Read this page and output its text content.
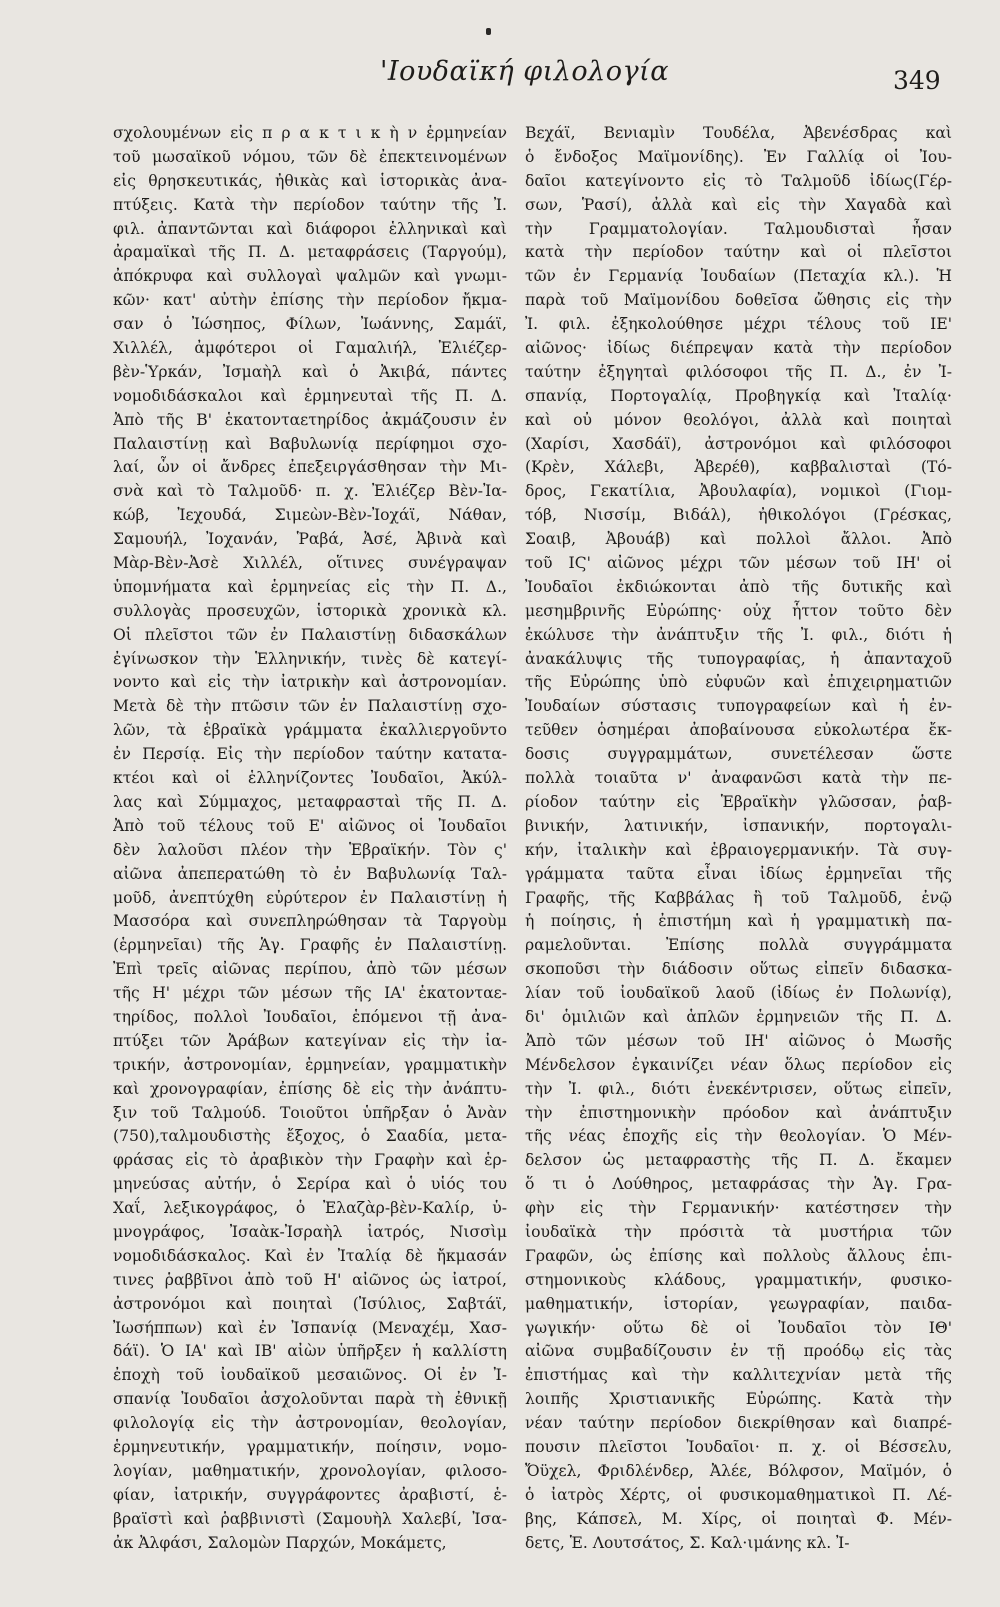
'Ιουδαϊκή φιλολογία	349
σχολουμένων εἰς π ρ α κ τ ι κ ὴ ν ἑρμηνείαν
τοῦ μωσαϊκοῦ νόμου, τῶν δὲ ἐπεκτεινομένων
εἰς θρησκευτικάς, ἠθικὰς καὶ ἱστορικὰς ἀνα-
πτύξεις. Κατὰ τὴν περίοδον ταύτην τῆς Ἰ.
φιλ. ἀπαντῶνται καὶ διάφοροι ἑλληνικαὶ καὶ
ἀραμαϊκαὶ τῆς Π. Δ. μεταφράσεις (Ταργούμ),
ἀπόκρυφα καὶ συλλογαὶ ψαλμῶν καὶ γνωμι-
κῶν· κατ' αὐτὴν ἐπίσης τὴν περίοδον ἤκμα-
σαν ὁ Ἰώσηπος, Φίλων, Ἰωάννης, Σαμάϊ,
Χιλλέλ, ἀμφότεροι οἱ Γαμαλιήλ, Ἐλιέζερ-
βὲν-Ὑρκάν, Ἰσμαὴλ καὶ ὁ Ἀκιβά, πάντες
νομοδιδάσκαλοι καὶ ἑρμηνευταὶ τῆς Π. Δ.
Ἀπὸ τῆς Β' ἑκατονταετηρίδος ἀκμάζουσιν ἐν
Παλαιστίνῃ καὶ Βαβυλωνίᾳ περίφημοι σχο-
λαί, ὧν οἱ ἄνδρες ἐπεξειργάσθησαν τὴν Μι-
σνὰ καὶ τὸ Ταλμοῦδ· π. χ. Ἐλιέζερ Βὲν-Ἰα-
κώβ, Ἰεχουδά, Σιμεὼν-Βὲν-Ἰοχάϊ, Νάθαν,
Σαμουήλ, Ἰοχανάν, Ῥαβά, Ἀσέ, Ἀβινὰ καὶ
Μὰρ-Βὲν-Ἀσὲ Χιλλέλ, οἵτινες συνέγραψαν
ὑπομνήματα καὶ ἑρμηνείας εἰς τὴν Π. Δ.,
συλλογὰς προσευχῶν, ἱστορικὰ χρονικὰ κλ.
Οἱ πλεῖστοι τῶν ἐν Παλαιστίνῃ διδασκάλων
ἐγίνωσκον τὴν Ἑλληνικήν, τινὲς δὲ κατεγί-
νοντο καὶ εἰς τὴν ἰατρικὴν καὶ ἀστρονομίαν.
Μετὰ δὲ τὴν πτῶσιν τῶν ἐν Παλαιστίνῃ σχο-
λῶν, τὰ ἑβραϊκὰ γράμματα ἐκαλλιεργοῦντο
ἐν Περσίᾳ. Εἰς τὴν περίοδον ταύτην κατατα-
κτέοι καὶ οἱ ἑλληνίζοντες Ἰουδαῖοι, Ἀκύλ-
λας καὶ Σύμμαχος, μεταφρασταὶ τῆς Π. Δ.
Ἀπὸ τοῦ τέλους τοῦ Ε' αἰῶνος οἱ Ἰουδαῖοι
δὲν λαλοῦσι πλέον τὴν Ἑβραϊκήν. Τὸν ς'
αἰῶνα ἀπεπερατώθη τὸ ἐν Βαβυλωνίᾳ Ταλ-
μοῦδ, ἀνεπτύχθη εὐρύτερον ἐν Παλαιστίνῃ ἡ
Μασσόρα καὶ συνεπληρώθησαν τὰ Ταργοὺμ
(ἑρμηνεῖαι) τῆς Ἁγ. Γραφῆς ἐν Παλαιστίνῃ.
Ἐπὶ τρεῖς αἰῶνας περίπου, ἀπὸ τῶν μέσων
τῆς Η' μέχρι τῶν μέσων τῆς ΙΑ' ἑκατονταε-
τηρίδος, πολλοὶ Ἰουδαῖοι, ἑπόμενοι τῇ ἀνα-
πτύξει τῶν Ἀράβων κατεγίναν εἰς τὴν ἰα-
τρικήν, ἀστρονομίαν, ἑρμηνείαν, γραμματικὴν
καὶ χρονογραφίαν, ἐπίσης δὲ εἰς τὴν ἀνάπτυ-
ξιν τοῦ Ταλμούδ. Τοιοῦτοι ὑπῆρξαν ὁ Ἀνὰν
(750),ταλμουδιστὴς ἔξοχος, ὁ Σααδία, μετα-
φράσας εἰς τὸ ἀραβικὸν τὴν Γραφὴν καὶ ἑρ-
μηνεύσας αὐτήν, ὁ Σερίρα καὶ ὁ υἱός του
Χαΐ, λεξικογράφος, ὁ Ἐλαζὰρ-βὲν-Καλίρ, ὑ-
μνογράφος, Ἰσαὰκ-Ἰσραὴλ ἰατρός, Νισσὶμ
νομοδιδάσκαλος. Καὶ ἐν Ἰταλίᾳ δὲ ἤκμασάν
τινες ῥαββῖνοι ἀπὸ τοῦ Η' αἰῶνος ὡς ἰατροί,
ἀστρονόμοι καὶ ποιηταὶ (Ἰσύλιος, Σαβτάϊ,
Ἰωσήππων) καὶ ἐν Ἰσπανίᾳ (Μεναχέμ, Χασ-
δάϊ). Ὁ ΙΑ' καὶ ΙΒ' αἰὼν ὑπῆρξεν ἡ καλλίστη
ἐποχὴ τοῦ ἰουδαϊκοῦ μεσαιῶνος. Οἱ ἐν Ἰ-
σπανίᾳ Ἰουδαῖοι ἀσχολοῦνται παρὰ τὴ ἐθνικῇ
φιλολογίᾳ εἰς τὴν ἀστρονομίαν, θεολογίαν,
ἑρμηνευτικήν, γραμματικήν, ποίησιν, νομο-
λογίαν, μαθηματικήν, χρονολογίαν, φιλοσο-
φίαν, ἰατρικήν, συγγράφοντες ἀραβιστί, ἑ-
βραϊστὶ καὶ ῥαββινιστὶ (Σαμουὴλ Χαλεβί, Ἰσα-
ἀκ Ἀλφάσι, Σαλομὼν Παρχών, Μοκάμετς,
Βεχάϊ, Βενιαμὶν Τουδέλα, Ἀβενέσδρας καὶ
ὁ ἔνδοξος Μαϊμονίδης). Ἐν Γαλλίᾳ οἱ Ἰου-
δαῖοι κατεγίνοντο εἰς τὸ Ταλμοῦδ ἰδίως(Γέρ-
σων, Ῥασί), ἀλλὰ καὶ εἰς τὴν Χαγαδὰ καὶ
τὴν Γραμματολογίαν. Ταλμουδισταὶ ἦσαν
κατὰ τὴν περίοδον ταύτην καὶ οἱ πλεῖστοι
τῶν ἐν Γερμανίᾳ Ἰουδαίων (Πεταχία κλ.). Ἡ
παρὰ τοῦ Μαϊμονίδου δοθεῖσα ὤθησις εἰς τὴν
Ἰ. φιλ. ἐξηκολούθησε μέχρι τέλους τοῦ ΙΕ'
αἰῶνος· ἰδίως διέπρεψαν κατὰ τὴν περίοδον
ταύτην ἐξηγηταὶ φιλόσοφοι τῆς Π. Δ., ἐν Ἰ-
σπανίᾳ, Πορτογαλίᾳ, Προβηγκίᾳ καὶ Ἰταλίᾳ·
καὶ οὐ μόνον θεολόγοι, ἀλλὰ καὶ ποιηταὶ
(Χαρίσι, Χασδάϊ), ἀστρονόμοι καὶ φιλόσοφοι
(Κρὲν, Χάλεβι, Ἀβερέθ), καββαλισταὶ (Τό-
δρος, Γεκατίλια, Ἀβουλαφία), νομικοὶ (Γιομ-
τόβ, Νισσίμ, Βιδάλ), ἠθικολόγοι (Γρέσκας,
Σοαιβ, Ἀβουάβ) καὶ πολλοὶ ἄλλοι. Ἀπὸ
τοῦ ΙϚ' αἰῶνος μέχρι τῶν μέσων τοῦ ΙΗ' οἱ
Ἰουδαῖοι ἐκδιώκονται ἀπὸ τῆς δυτικῆς καὶ
μεσημβρινῆς Εὐρώπης· οὐχ ἧττον τοῦτο δὲν
ἐκώλυσε τὴν ἀνάπτυξιν τῆς Ἰ. φιλ., διότι ἡ
ἀνακάλυψις τῆς τυπογραφίας, ἡ ἀπανταχοῦ
τῆς Εὐρώπης ὑπὸ εὐφυῶν καὶ ἐπιχειρηματιῶν
Ἰουδαίων σύστασις τυπογραφείων καὶ ἡ ἐν-
τεῦθεν ὁσημέραι ἀποβαίνουσα εὐκολωτέρα ἔκ-
δοσις συγγραμμάτων, συνετέλεσαν ὥστε
πολλὰ τοιαῦτα ν' ἀναφανῶσι κατὰ τὴν πε-
ρίοδον ταύτην εἰς Ἑβραϊκὴν γλῶσσαν, ῥαβ-
βινικήν, λατινικήν, ἰσπανικήν, πορτογαλι-
κήν, ἰταλικὴν καὶ ἑβραιογερμανικήν. Τὰ συγ-
γράμματα ταῦτα εἶναι ἰδίως ἑρμηνεῖαι τῆς
Γραφῆς, τῆς Καββάλας ἢ τοῦ Ταλμοῦδ, ἐνῷ
ἡ ποίησις, ἡ ἐπιστήμη καὶ ἡ γραμματικὴ πα-
ραμελοῦνται. Ἐπίσης πολλὰ συγγράμματα
σκοποῦσι τὴν διάδοσιν οὕτως εἰπεῖν διδασκα-
λίαν τοῦ ἰουδαϊκοῦ λαοῦ (ἰδίως ἐν Πολωνίᾳ),
δι' ὁμιλιῶν καὶ ἁπλῶν ἑρμηνειῶν τῆς Π. Δ.
Ἀπὸ τῶν μέσων τοῦ ΙΗ' αἰῶνος ὁ Μωσῆς
Μένδελσον ἐγκαινίζει νέαν ὅλως περίοδον εἰς
τὴν Ἰ. φιλ., διότι ἐνεκέντρισεν, οὕτως εἰπεῖν,
τὴν ἐπιστημονικὴν πρόοδον καὶ ἀνάπτυξιν
τῆς νέας ἐποχῆς εἰς τὴν θεολογίαν. Ὁ Μέν-
δελσον ὡς μεταφραστὴς τῆς Π. Δ. ἔκαμεν
ὅ τι ὁ Λούθηρος, μεταφράσας τὴν Ἁγ. Γρα-
φὴν εἰς τὴν Γερμανικήν· κατέστησεν τὴν
ἰουδαϊκὰ τὴν πρόσιτὰ τὰ μυστήρια τῶν
Γραφῶν, ὡς ἐπίσης καὶ πολλοὺς ἄλλους ἐπι-
στημονικοὺς κλάδους, γραμματικήν, φυσικο-
μαθηματικήν, ἱστορίαν, γεωγραφίαν, παιδα-
γωγικήν· οὕτω δὲ οἱ Ἰουδαῖοι τὸν ΙΘ'
αἰῶνα συμβαδίζουσιν ἐν τῇ προόδῳ εἰς τὰς
ἐπιστήμας καὶ τὴν καλλιτεχνίαν μετὰ τῆς
λοιπῆς Χριστιανικῆς Εὐρώπης. Κατὰ τὴν
νέαν ταύτην περίοδον διεκρίθησαν καὶ διαπρέ-
πουσιν πλεῖστοι Ἰουδαῖοι· π. χ. οἱ Βέσσελυ,
Ὄϋχελ, Φριδλένδερ, Ἀλέε, Βόλφσον, Μαϊμόν, ὁ
ὁ ἰατρὸς Χέρτς, οἱ φυσικομαθηματικοὶ Π. Λέ-
βης, Κάπσελ, Μ. Χίρς, οἱ ποιηταὶ Φ. Μέν-
δετς, Ἑ. Λουτσάτος, Σ. Καλ·ιμάνης κλ. Ἰ-
